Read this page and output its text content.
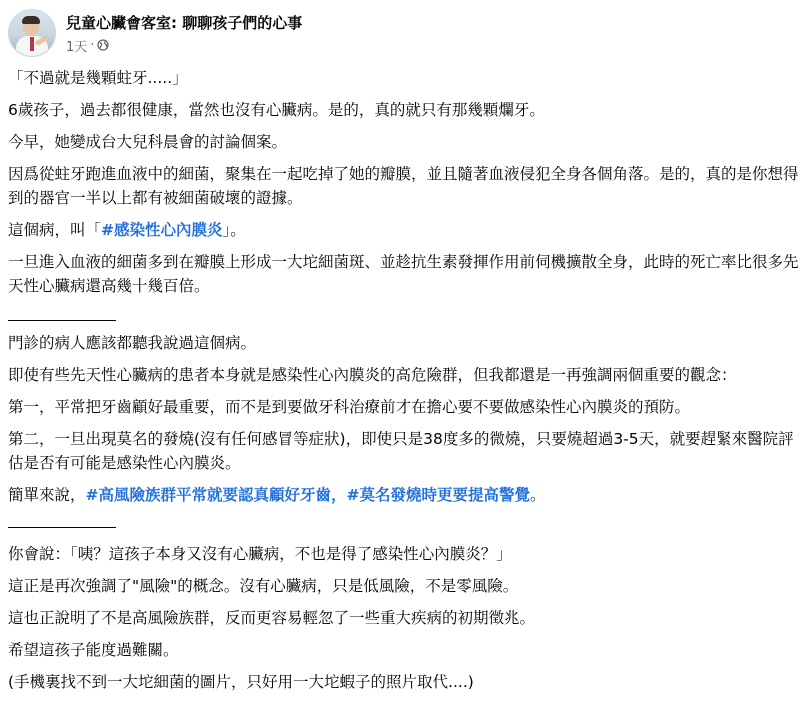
兒童心臟會客室: 聊聊孩子們的心事
1天 ·

「不過就是幾顆蛀牙.....」

6歲孩子，過去都很健康，當然也沒有心臟病。是的，真的就只有那幾顆爛牙。

今早，她變成台大兒科晨會的討論個案。

因爲從蛀牙跑進血液中的細菌，聚集在一起吃掉了她的瓣膜，並且隨著血液侵犯全身各個角落。是的，真的是你想得到的器官一半以上都有被細菌破壞的證據。

這個病，叫「#感染性心內膜炎」。

一旦進入血液的細菌多到在瓣膜上形成一大坨細菌斑、並趁抗生素發揮作用前伺機擴散全身，此時的死亡率比很多先天性心臟病還高幾十幾百倍。

門診的病人應該都聽我說過這個病。

即使有些先天性心臟病的患者本身就是感染性心內膜炎的高危險群，但我都還是一再強調兩個重要的觀念：

第一，平常把牙齒顧好最重要，而不是到要做牙科治療前才在擔心要不要做感染性心內膜炎的預防。

第二，一旦出現莫名的發燒(沒有任何感冒等症狀)，即使只是38度多的微燒，只要燒超過3-5天，就要趕緊來醫院評估是否有可能是感染性心內膜炎。

簡單來說，#高風險族群平常就要認真顧好牙齒，#莫名發燒時更要提高警覺。

你會說：「咦？這孩子本身又沒有心臟病，不也是得了感染性心內膜炎？」

這正是再次強調了"風險"的概念。沒有心臟病，只是低風險，不是零風險。

這也正說明了不是高風險族群，反而更容易輕忽了一些重大疾病的初期徵兆。

希望這孩子能度過難關。

(手機裏找不到一大坨細菌的圖片，只好用一大坨蝦子的照片取代....)
